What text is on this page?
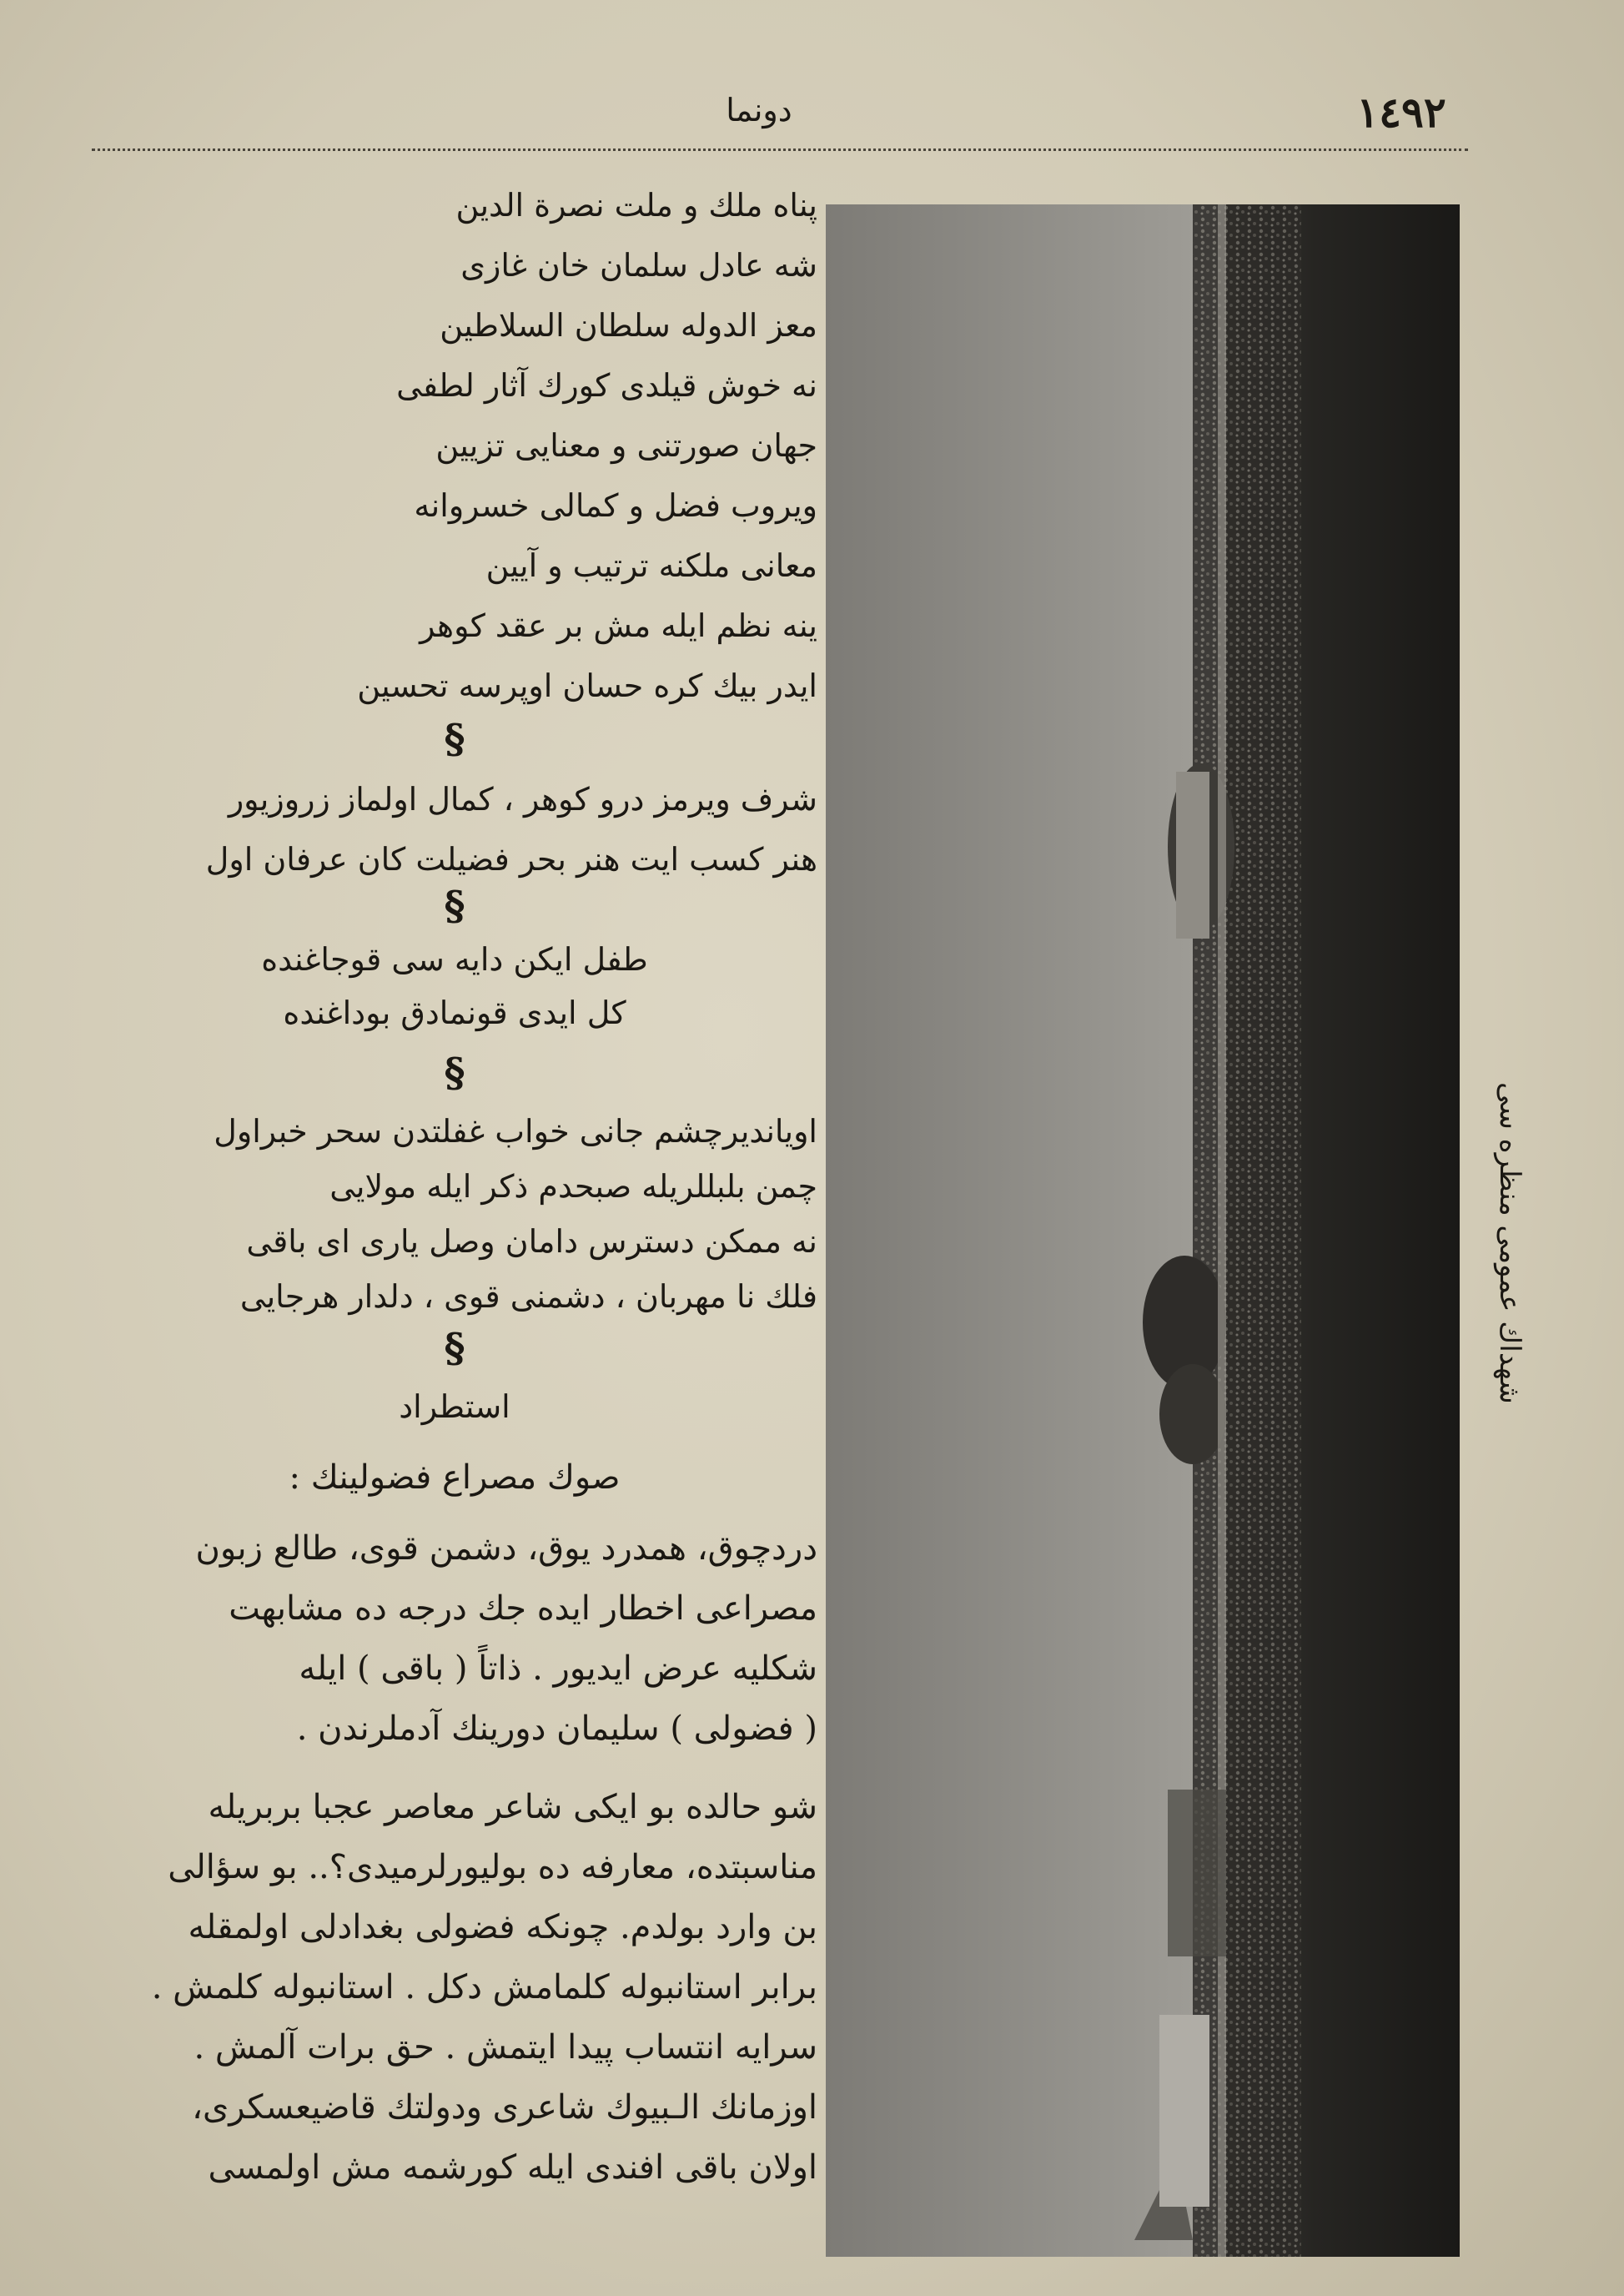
١٤٩٢
دونما
پناه ملك و ملت نصرة الدين
شه عادل سلمان خان غازى
معز الدوله سلطان السلاطين
نه خوش قيلدى كورك آثار لطفى
جهان صورتنى و معنايى تزيين
ويروب فضل و كمالى خسروانه
معانى ملكنه ترتيب و آيين
ينه نظم ايله مش بر عقد كوهر
ايدر بيك كره حسان اوپرسه تحسين
§
شرف ويرمز درو كوهر ، كمال اولماز زروزيور
هنر كسب ايت هنر بحر فضيلت كان عرفان اول
§
طفل ايكن دايه سى قوجاغنده
كل ايدى قونمادق بوداغنده
§
اويانديرچشم جانى خواب غفلتدن سحر خبراول
چمن بلبللريله صبحدم ذكر ايله مولايى
نه ممكن دسترس دامان وصل يارى اى باقى
فلك نا مهربان ، دشمنى قوى ، دلدار هرجايى
§
استطراد
صوك مصراع فضولينك :
دردچوق، همدرد يوق، دشمن قوى، طالع زبون
مصراعى اخطار ايده جك درجه ده مشابهت
شكليه عرض ايديور . ذاتاً ( باقى ) ايله
( فضولى ) سليمان دورينك آدملرندن .
شو حالده بو ايكى شاعر معاصر عجبا بربريله
مناسبتده، معارفه ده بوليورلرميدى؟.. بو سؤالى
بن وارد بولدم. چونكه فضولى بغدادلى اولمقله
برابر استانبوله كلمامش دكل . استانبوله كلمش .
سرايه انتساب پيدا ايتمش . حق برات آلمش .
اوزمانك الـبيوك شاعرى ودولتك قاضيعسكرى،
اولان باقى افندى ايله كورشمه مش اولمسى
شهداك عمومى منظره سى
